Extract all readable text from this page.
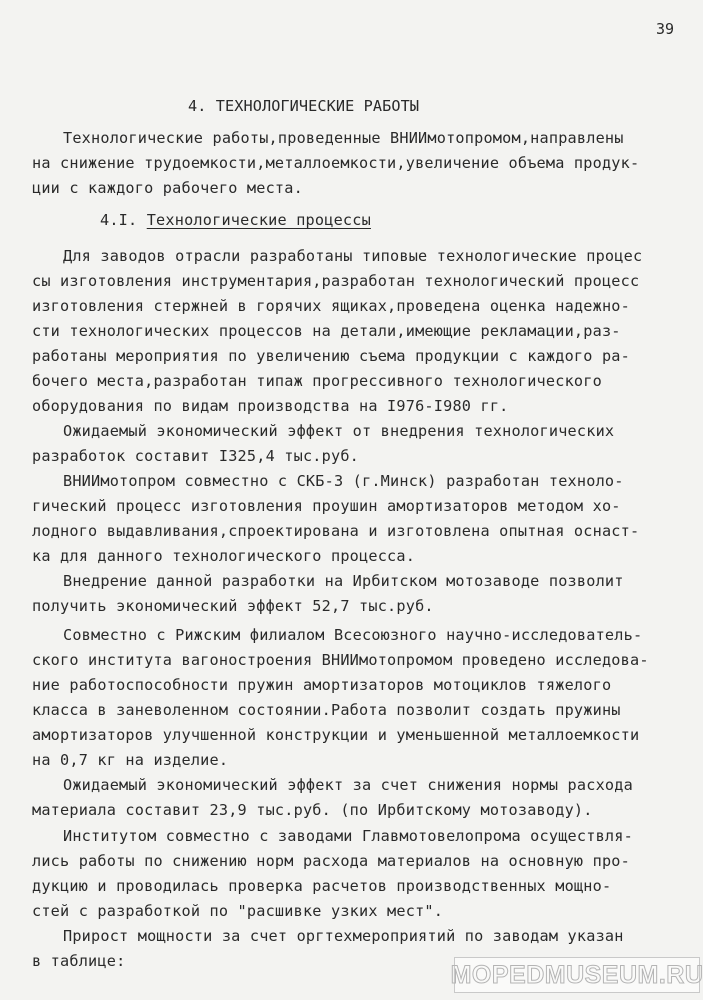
39
4. ТЕХНОЛОГИЧЕСКИЕ РАБОТЫ
Технологические работы,проведенные ВНИИмотопромом,направлены
на снижение трудоемкости,металлоемкости,увеличение объема продук-
ции с каждого рабочего места.
4.I. Технологические процессы
Для заводов отрасли разработаны типовые технологические процес
сы изготовления инструментария,разработан технологический процесс
изготовления стержней в горячих ящиках,проведена оценка надежно-
сти технологических процессов на детали,имеющие рекламации,раз-
работаны мероприятия по увеличению съема продукции с каждого ра-
бочего места,разработан типаж прогрессивного технологического
оборудования по видам производства на I976-I980 гг.
Ожидаемый экономический эффект от внедрения технологических
разработок составит I325,4 тыс.руб.
ВНИИмотопром совместно с СКБ-3 (г.Минск) разработан техноло-
гический процесс изготовления проушин амортизаторов методом хо-
лодного выдавливания,спроектирована и изготовлена опытная оснаст-
ка для данного технологического процесса.
Внедрение данной разработки на Ирбитском мотозаводе позволит
получить экономический эффект 52,7 тыс.руб.
Совместно с Рижским филиалом Всесоюзного научно-исследователь-
ского института вагоностроения ВНИИмотопромом проведено исследова-
ние работоспособности пружин амортизаторов мотоциклов тяжелого
класса в заневоленном состоянии.Работа позволит создать пружины
амортизаторов улучшенной конструкции и уменьшенной металлоемкости
на 0,7 кг на изделие.
Ожидаемый экономический эффект за счет снижения нормы расхода
материала составит 23,9 тыс.руб. (по Ирбитскому мотозаводу).
Институтом совместно с заводами Главмотовелопрома осуществля-
лись работы по снижению норм расхода материалов на основную про-
дукцию и проводилась проверка расчетов производственных мощно-
стей с разработкой по "расшивке узких мест".
Прирост мощности за счет оргтехмероприятий по заводам указан
в таблице:	MOPEDMUSEUM.RU
